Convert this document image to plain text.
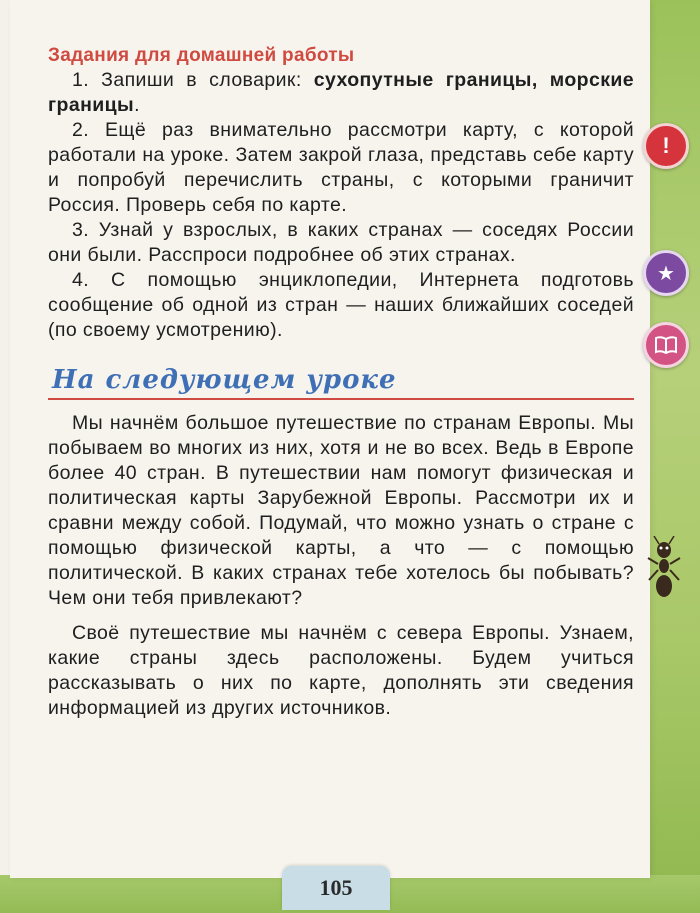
Задания для домашней работы

1. Запиши в словарик: сухопутные границы, морские границы.

2. Ещё раз внимательно рассмотри карту, с которой работали на уроке. Затем закрой глаза, представь себе карту и попробуй перечислить страны, с которыми граничит Россия. Проверь себя по карте.

3. Узнай у взрослых, в каких странах — соседях России они были. Расспроси подробнее об этих странах.

4. С помощью энциклопедии, Интернета подготовь сообщение об одной из стран — наших ближайших соседей (по своему усмотрению).

На следующем уроке

Мы начнём большое путешествие по странам Европы. Мы побываем во многих из них, хотя и не во всех. Ведь в Европе более 40 стран. В путешествии нам помогут физическая и политическая карты Зарубежной Европы. Рассмотри их и сравни между собой. Подумай, что можно узнать о стране с помощью физической карты, а что — с помощью политической. В каких странах тебе хотелось бы побывать? Чем они тебя привлекают?

Своё путешествие мы начнём с севера Европы. Узнаем, какие страны здесь расположены. Будем учиться рассказывать о них по карте, дополнять эти сведения информацией из других источников.

!
★
105
